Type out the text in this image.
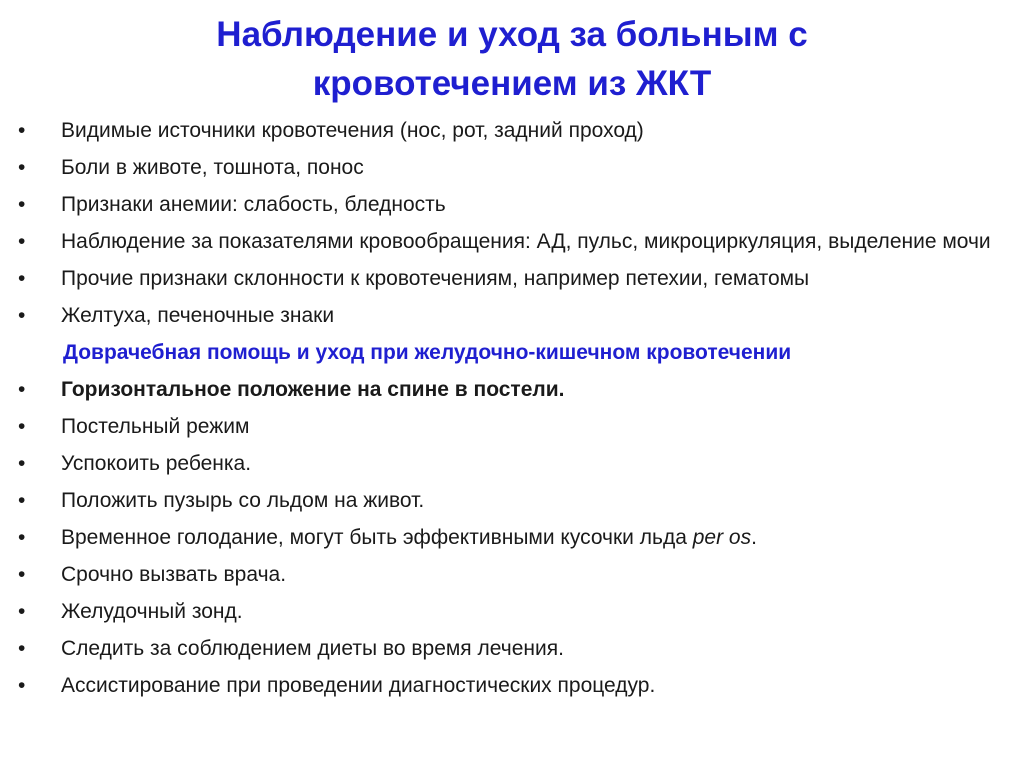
Наблюдение и уход за больным с
кровотечением из ЖКТ
• Видимые источники кровотечения (нос, рот, задний проход)
• Боли в животе, тошнота, понос
• Признаки анемии: слабость, бледность
• Наблюдение за показателями кровообращения: АД, пульс, микроциркуляция, выделение мочи
• Прочие признаки склонности к кровотечениям, например петехии, гематомы
• Желтуха, печеночные знаки
Доврачебная помощь и уход при желудочно-кишечном кровотечении
• Горизонтальное положение на спине в постели.
• Постельный режим
• Успокоить ребенка.
• Положить пузырь со льдом на живот.
• Временное голодание, могут быть эффективными кусочки льда per os.
• Срочно вызвать врача.
• Желудочный зонд.
• Следить за соблюдением диеты во время лечения.
• Ассистирование при проведении диагностических процедур.
